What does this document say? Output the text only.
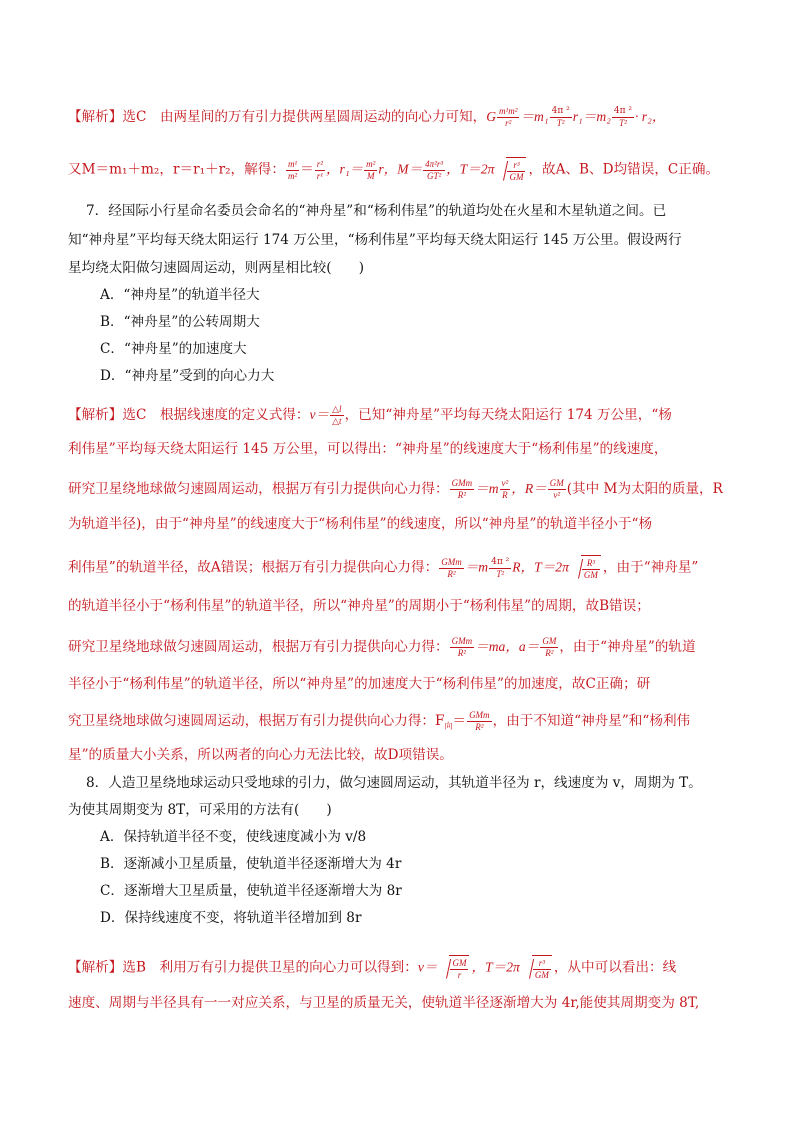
【解析】选C　由两星间的万有引力提供两星圆周运动的向心力可知，G $\frac{\text{m¹m²}}{\text{r²}} =m_1 \frac{\text{4π ²}}{\text{T²}} r_1=m_2 \frac{\text{4π ²}}{\text{T²}} \cdot r_2$，
又M＝m₁＋m₂，r＝r₁＋r₂，解得： $\frac{\text{m¹}}{\text{m²}} = \frac{\text{r²}}{\text{r¹}}$ ，$r_1= \frac{\text{m²}}{M}$ r，$M= \frac{\text{4π²r³}}{\text{GT²}}$ ，$T=2\pi \frac{\text{r³}}{GM}$ ，故A、B、D均错误，C正确。
7．经国际小行星命名委员会命名的“神舟星”和“杨利伟星”的轨道均处在火星和木星轨道之间。已
知“神舟星”平均每天绕太阳运行 174 万公里，“杨利伟星”平均每天绕太阳运行 145 万公里。假设两行
星均绕太阳做匀速圆周运动，则两星相比较(　　)
A．“神舟星”的轨道半径大
B．“神舟星”的公转周期大
C．“神舟星”的加速度大
D．“神舟星”受到的向心力大
【解析】选C　根据线速度的定义式得：$v= \frac{\triangle l}{\triangle t}$ ，已知“神舟星”平均每天绕太阳运行 174 万公里，“杨
利伟星”平均每天绕太阳运行 145 万公里，可以得出：“神舟星”的线速度大于“杨利伟星”的线速度，
研究卫星绕地球做匀速圆周运动，根据万有引力提供向心力得： $\frac{\text{GMm}}{\text{R²}} =m \frac{\text{v²}}{R}$ ，$R= \frac{GM}{\text{v²}}$ (其中 M为太阳的质量，R
为轨道半径)，由于“神舟星”的线速度大于“杨利伟星”的线速度，所以“神舟星”的轨道半径小于“杨
利伟星”的轨道半径，故A错误；根据万有引力提供向心力得： $\frac{\text{GMm}}{\text{R²}} =m \frac{\text{4π ²}}{\text{T²}}$ R，$T=2\pi \frac{\text{R³}}{GM}$ ，由于“神舟星”
的轨道半径小于“杨利伟星”的轨道半径，所以“神舟星”的周期小于“杨利伟星”的周期，故B错误；
研究卫星绕地球做匀速圆周运动，根据万有引力提供向心力得： $\frac{\text{GMm}}{\text{R²}} =ma$，$a= \frac{GM}{\text{R²}}$ ，由于“神舟星”的轨道
半径小于“杨利伟星”的轨道半径，所以“神舟星”的加速度大于“杨利伟星”的加速度，故C正确；研
究卫星绕地球做匀速圆周运动，根据万有引力提供向心力得：$F_向= \frac{\text{GMm}}{\text{R²}}$ ，由于不知道“神舟星”和“杨利伟
星”的质量大小关系，所以两者的向心力无法比较，故D项错误。
8．人造卫星绕地球运动只受地球的引力，做匀速圆周运动，其轨道半径为 r，线速度为 v，周期为 T。
为使其周期变为 8T，可采用的方法有(　　)
A．保持轨道半径不变，使线速度减小为 v/8
B．逐渐减小卫星质量，使轨道半径逐渐增大为 4r
C．逐渐增大卫星质量，使轨道半径逐渐增大为 8r
D．保持线速度不变，将轨道半径增加到 8r
【解析】选B　利用万有引力提供卫星的向心力可以得到：$v= \frac{GM}{r}$ ，$T=2\pi \frac{\text{r³}}{GM}$ ，从中可以看出：线
速度、周期与半径具有一一对应关系，与卫星的质量无关，使轨道半径逐渐增大为 4r,能使其周期变为 8T,
